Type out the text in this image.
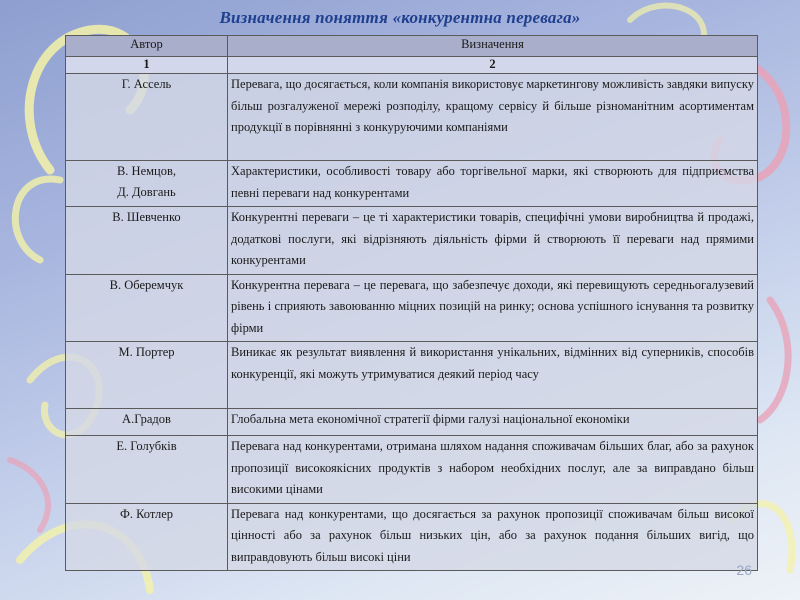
Визначення поняття «конкурентна перевага»
Автор	Визначення
1	2
Г. Ассель	Перевага, що досягається, коли компанія використовує маркетингову можливість завдяки випуску більш розгалуженої мережі розподілу, кращому сервісу й більше різноманітним асортиментам продукції в порівнянні з конкуруючими компаніями
В. Немцов,
Д. Довгань	Характеристики, особливості товару або торгівельної марки, які створюють для підприємства певні переваги над конкурентами
В. Шевченко	Конкурентні переваги – це ті характеристики товарів, специфічні умови виробництва й продажі, додаткові послуги, які відрізняють діяльність фірми й створюють її переваги над прямими конкурентами
В. Оберемчук	Конкурентна перевага – це перевага, що забезпечує доходи, які перевищують середньогалузевий рівень і сприяють завоюванню міцних позицій на ринку; основа успішного існування та розвитку фірми
М. Портер	Виникає як результат виявлення й використання унікальних, відмінних від суперників, способів конкуренції, які можуть утримуватися деякий період часу
А.Градов	Глобальна мета економічної стратегії фірми галузі національної економіки
Е. Голубків	Перевага над конкурентами, отримана шляхом надання споживачам більших благ, або за рахунок пропозиції високоякісних продуктів з набором необхідних послуг, але за виправдано більш високими цінами
Ф. Котлер	Перевага над конкурентами, що досягається за рахунок пропозиції споживачам більш високої цінності або за рахунок більш низьких цін, або за рахунок подання більших вигід, що виправдовують більш високі ціни
26
